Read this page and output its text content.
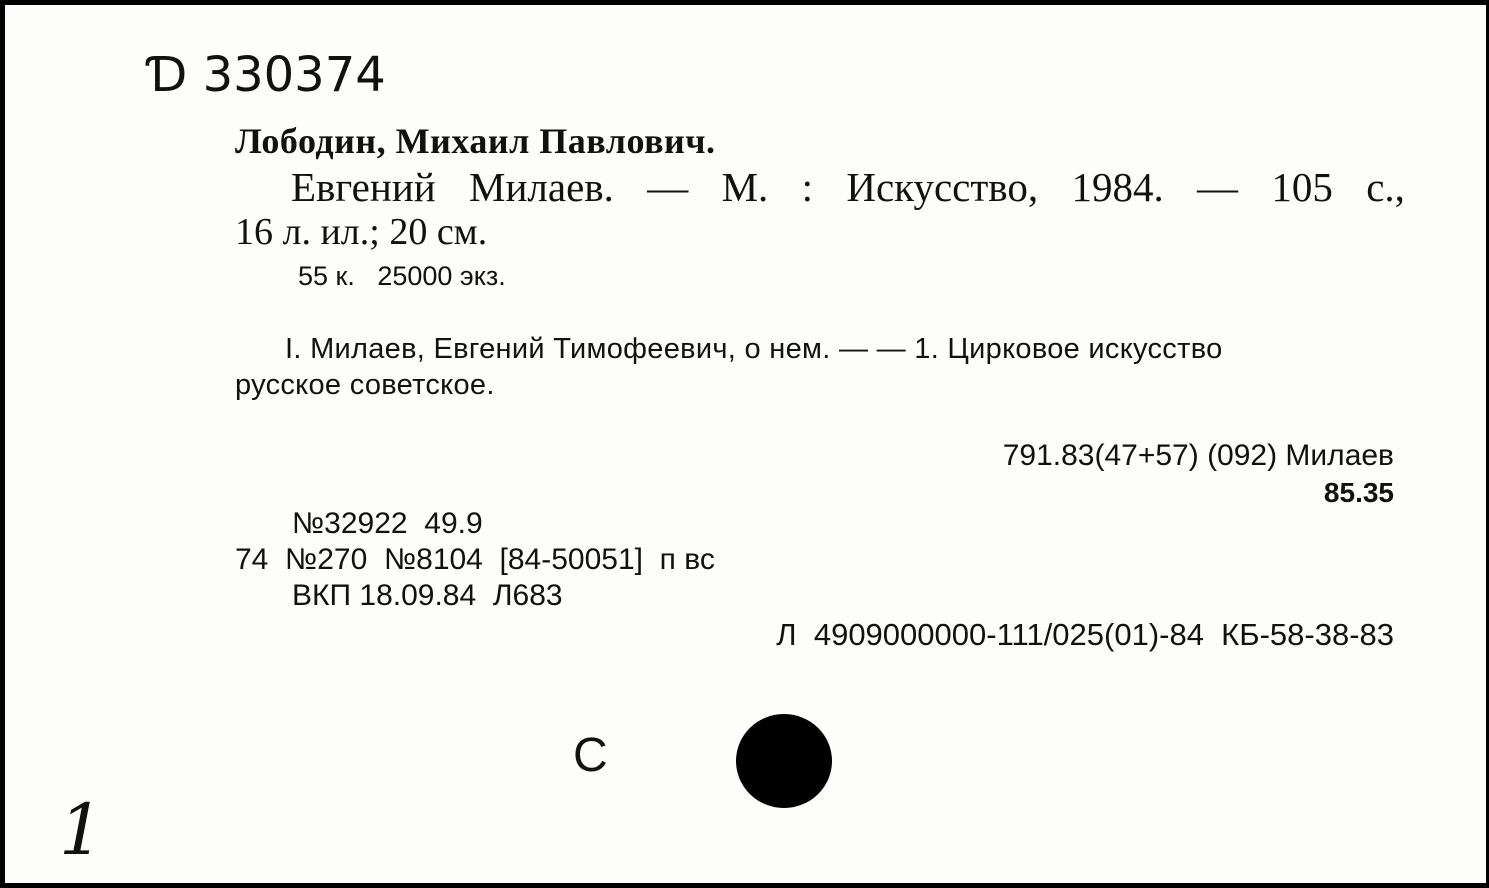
Ɗ 330374
Лободин, Михаил Павлович.
Евгений Милаев. — М. : Искусство, 1984. — 105 с.,
16 л. ил.; 20 см.
55 к.   25000 экз.
I. Милаев, Евгений Тимофеевич, о нем. — — 1. Цирковое искусство
русское советское.
791.83(47+57) (092) Милаев
85.35
№32922  49.9
74  №270  №8104  [84-50051]  п вс
ВКП 18.09.84  Л683
Л  4909000000-111/025(01)-84  КБ-58-38-83
С
1
